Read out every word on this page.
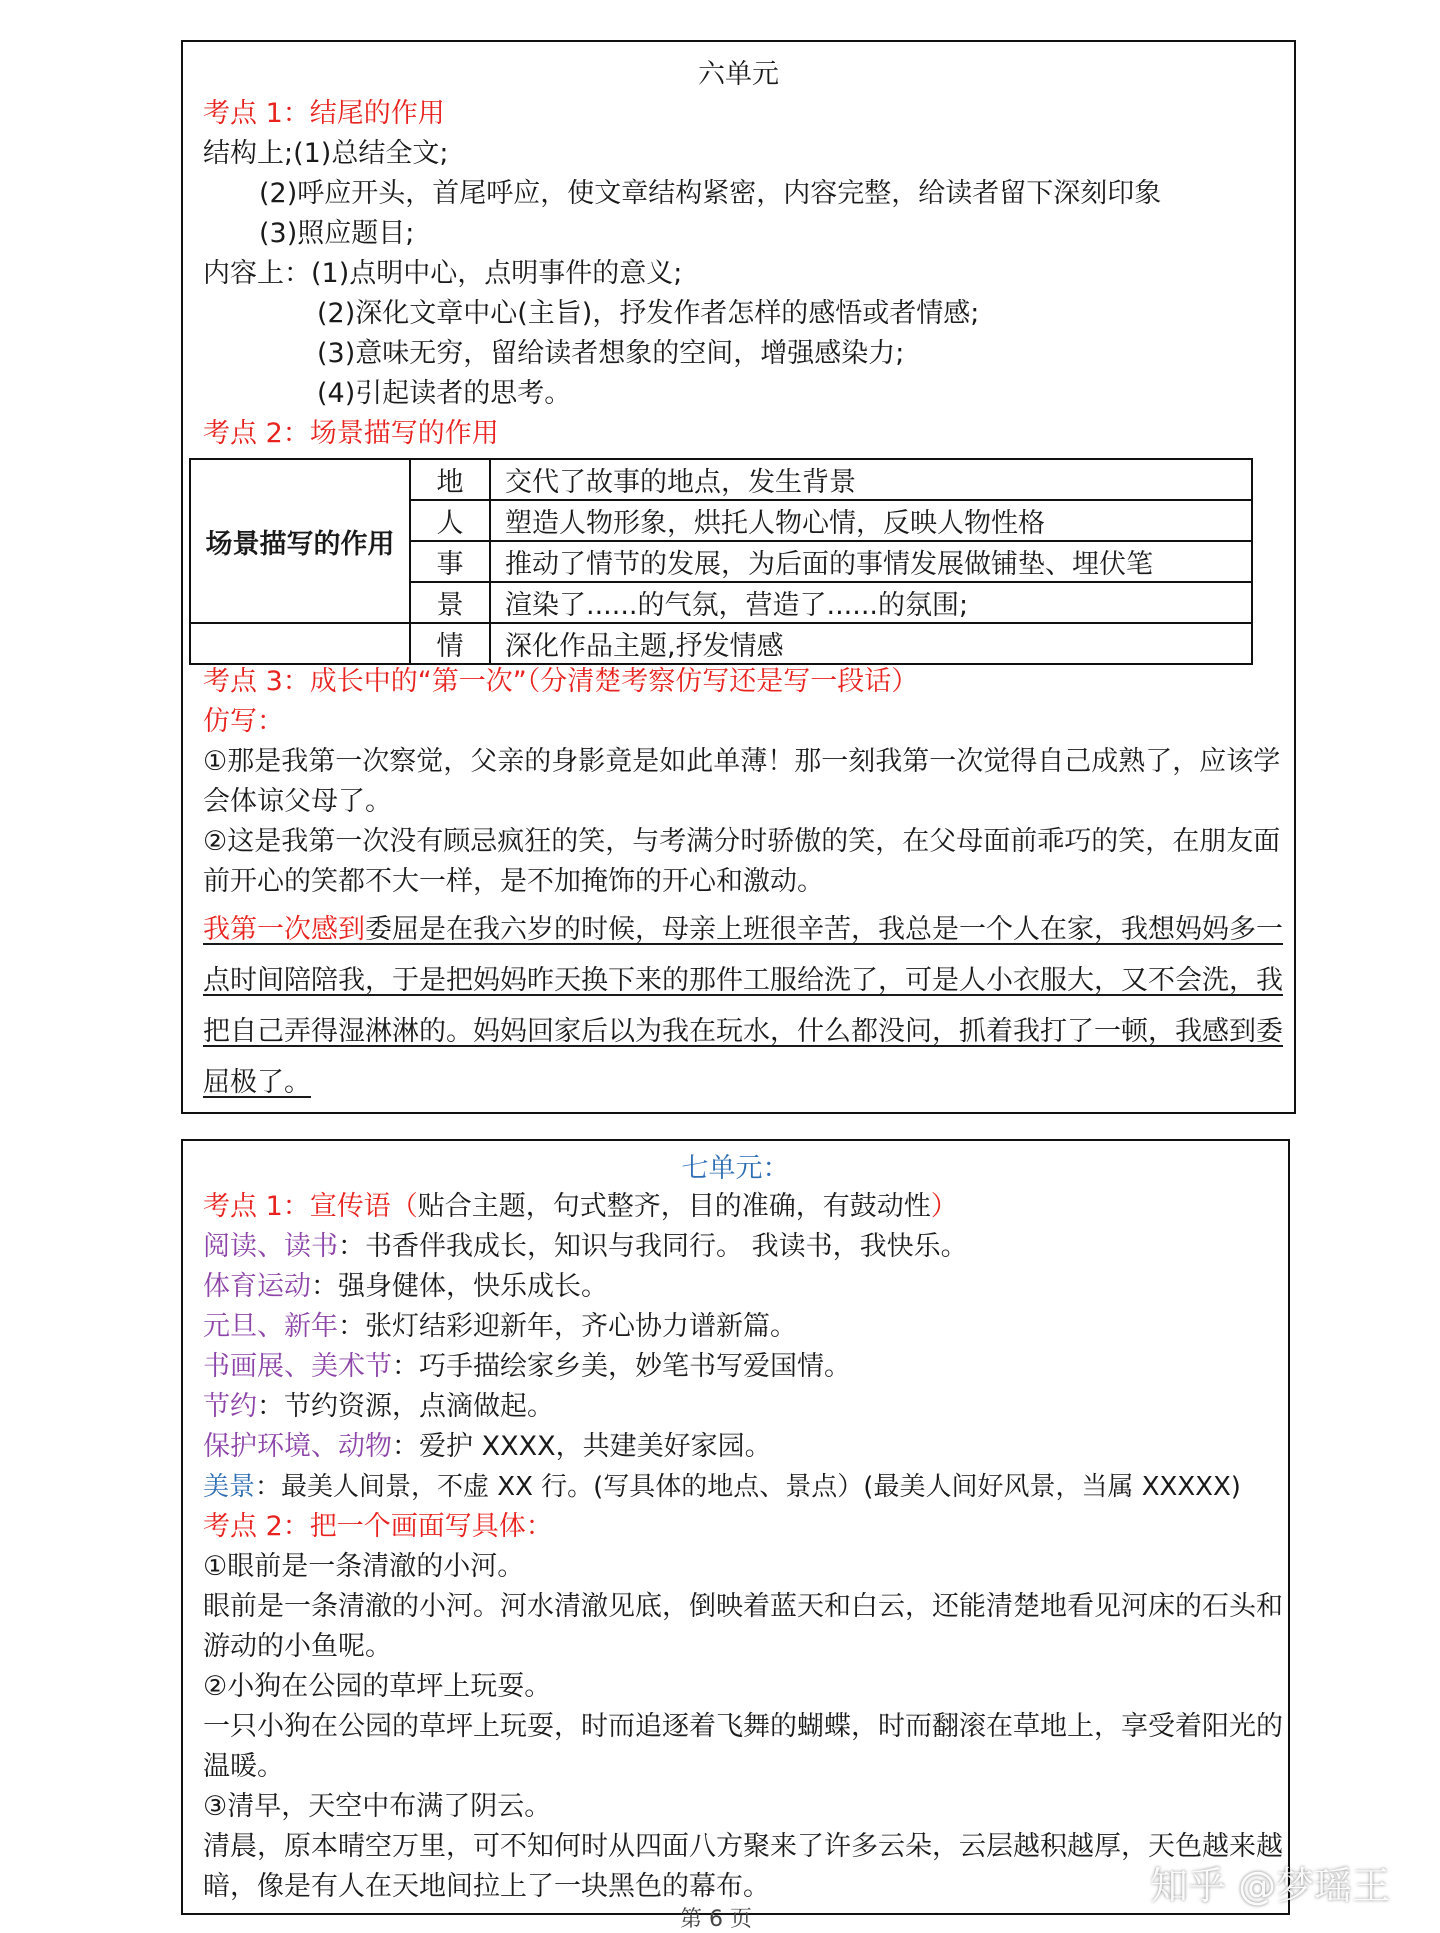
六单元
考点 1：结尾的作用
结构上;(1)总结全文;
(2)呼应开头，首尾呼应，使文章结构紧密，内容完整，给读者留下深刻印象
(3)照应题目;
内容上：(1)点明中心，点明事件的意义;
(2)深化文章中心(主旨)，抒发作者怎样的感悟或者情感;
(3)意味无穷，留给读者想象的空间，增强感染力;
(4)引起读者的思考。
考点 2：场景描写的作用
场景描写的作用	地	交代了故事的地点，发生背景
	人	塑造人物形象，烘托人物心情，反映人物性格
	事	推动了情节的发展，为后面的事情发展做铺垫、埋伏笔
	景	渲染了......的气氛，营造了......的氛围;
	情	深化作品主题,抒发情感
考点 3：成长中的“第一次”（分清楚考察仿写还是写一段话）
仿写：
①那是我第一次察觉，父亲的身影竟是如此单薄！那一刻我第一次觉得自己成熟了，应该学
会体谅父母了。
②这是我第一次没有顾忌疯狂的笑，与考满分时骄傲的笑，在父母面前乖巧的笑，在朋友面
前开心的笑都不大一样，是不加掩饰的开心和激动。
我第一次感到委屈是在我六岁的时候，母亲上班很辛苦，我总是一个人在家，我想妈妈多一
点时间陪陪我，于是把妈妈昨天换下来的那件工服给洗了，可是人小衣服大，又不会洗，我
把自己弄得湿淋淋的。妈妈回家后以为我在玩水，什么都没问，抓着我打了一顿，我感到委
屈极了。
七单元：
考点 1：宣传语（贴合主题，句式整齐，目的准确，有鼓动性）
阅读、读书：书香伴我成长，知识与我同行。 我读书，我快乐。
体育运动：强身健体，快乐成长。
元旦、新年：张灯结彩迎新年，齐心协力谱新篇。
书画展、美术节：巧手描绘家乡美，妙笔书写爱国情。
节约：节约资源，点滴做起。
保护环境、动物：爱护 XXXX，共建美好家园。
美景：最美人间景，不虚 XX 行。(写具体的地点、景点）(最美人间好风景，当属 XXXXX)
考点 2：把一个画面写具体：
①眼前是一条清澈的小河。
眼前是一条清澈的小河。河水清澈见底，倒映着蓝天和白云，还能清楚地看见河床的石头和
游动的小鱼呢。
②小狗在公园的草坪上玩耍。
一只小狗在公园的草坪上玩耍，时而追逐着飞舞的蝴蝶，时而翻滚在草地上，享受着阳光的
温暖。
③清早，天空中布满了阴云。
清晨，原本晴空万里，可不知何时从四面八方聚来了许多云朵，云层越积越厚，天色越来越
暗，像是有人在天地间拉上了一块黑色的幕布。
第 6 页
知乎 @梦瑶王
